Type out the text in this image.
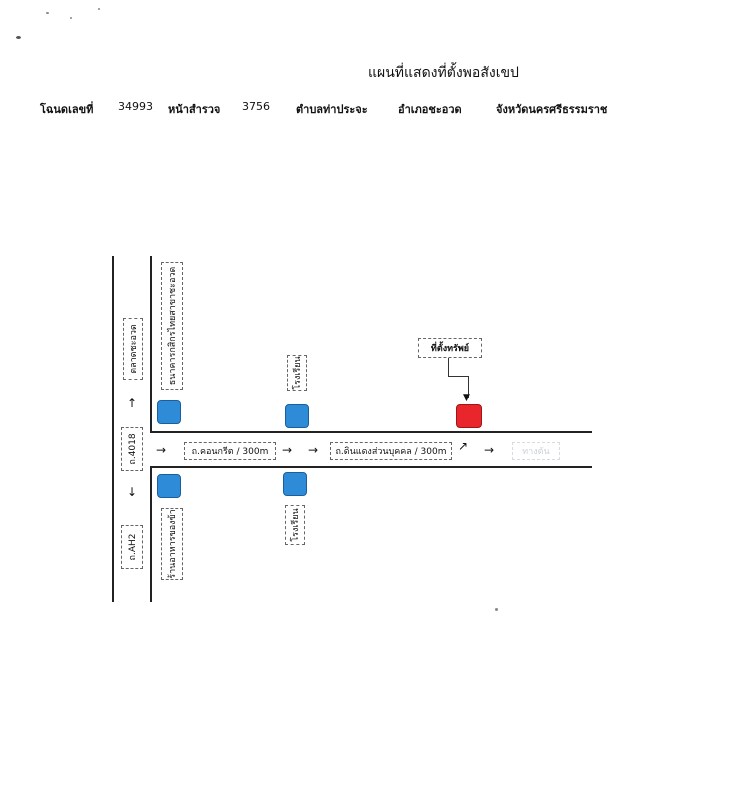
แผนที่แสดงที่ตั้งพอสังเขป
โฉนดเลขที่ 34993 หน้าสำรวจ 3756 ตำบลท่าประจะ	อำเภอชะอวด	จังหวัดนครศรีธรรมราช
ตลาดชะอวด
↑
ถ.4018
↓
ถ.AH2
ธนาคารกสิกรไทยสาขาชะอวด
ร้านอาหารของข้า
→	ถ.คอนกรีต / 300m	→ →	ถ.ดินแดงส่วนบุคคล / 300m ↗ →	ทางตัน
โรงเรียน
โรงเรียน
ที่ตั้งทรัพย์
▼
